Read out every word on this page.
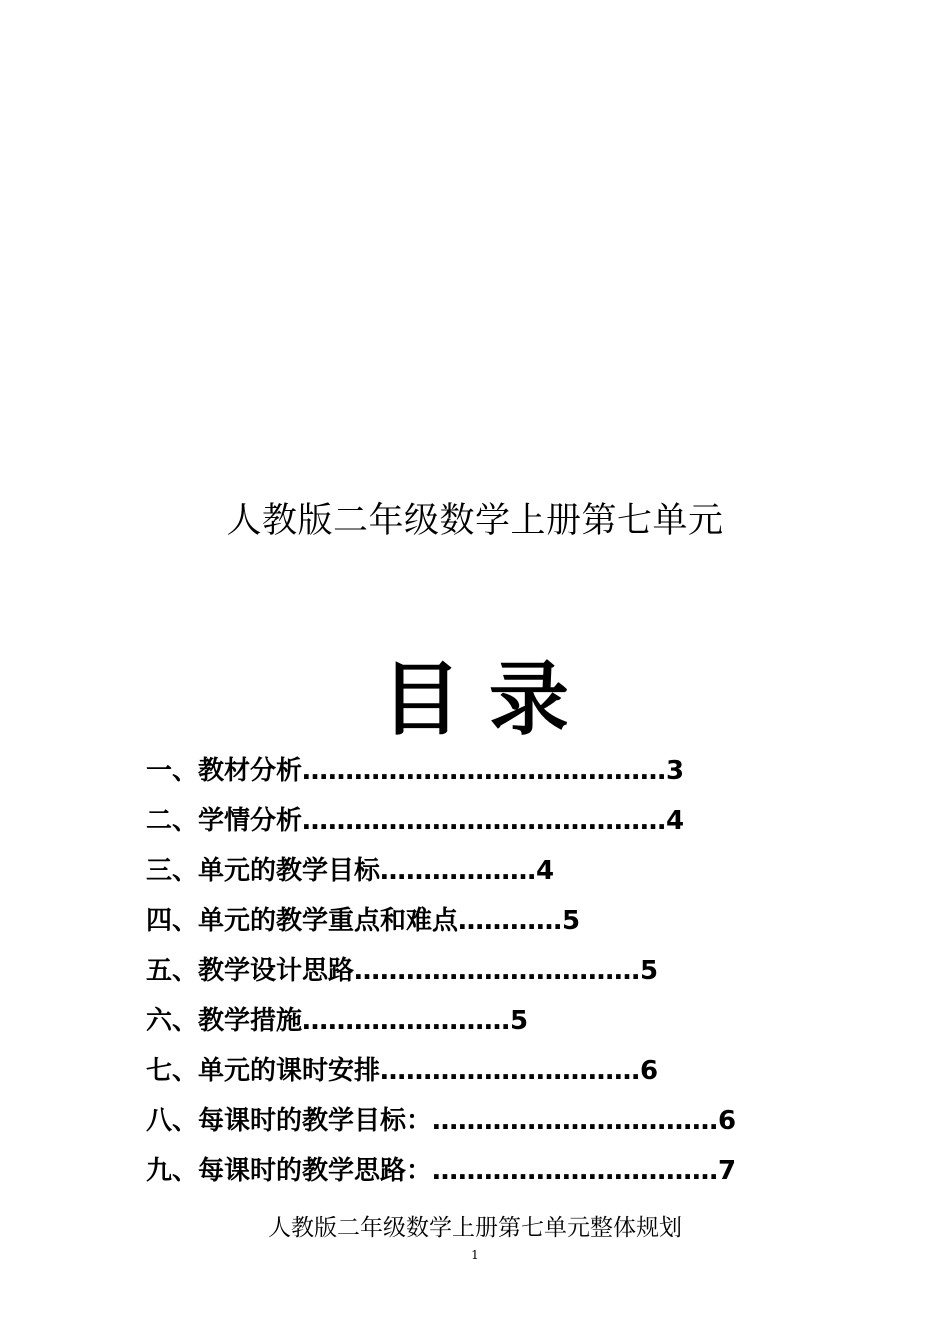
人教版二年级数学上册第七单元
目 录
一、教材分析……………………………………3
二、学情分析……………………………………4
三、单元的教学目标………………4
四、单元的教学重点和难点…………5
五、教学设计思路……………………………5
六、教学措施……………………5
七、单元的课时安排…………………………6
八、每课时的教学目标：……………………………6
九、每课时的教学思路：……………………………7
人教版二年级数学上册第七单元整体规划
1
